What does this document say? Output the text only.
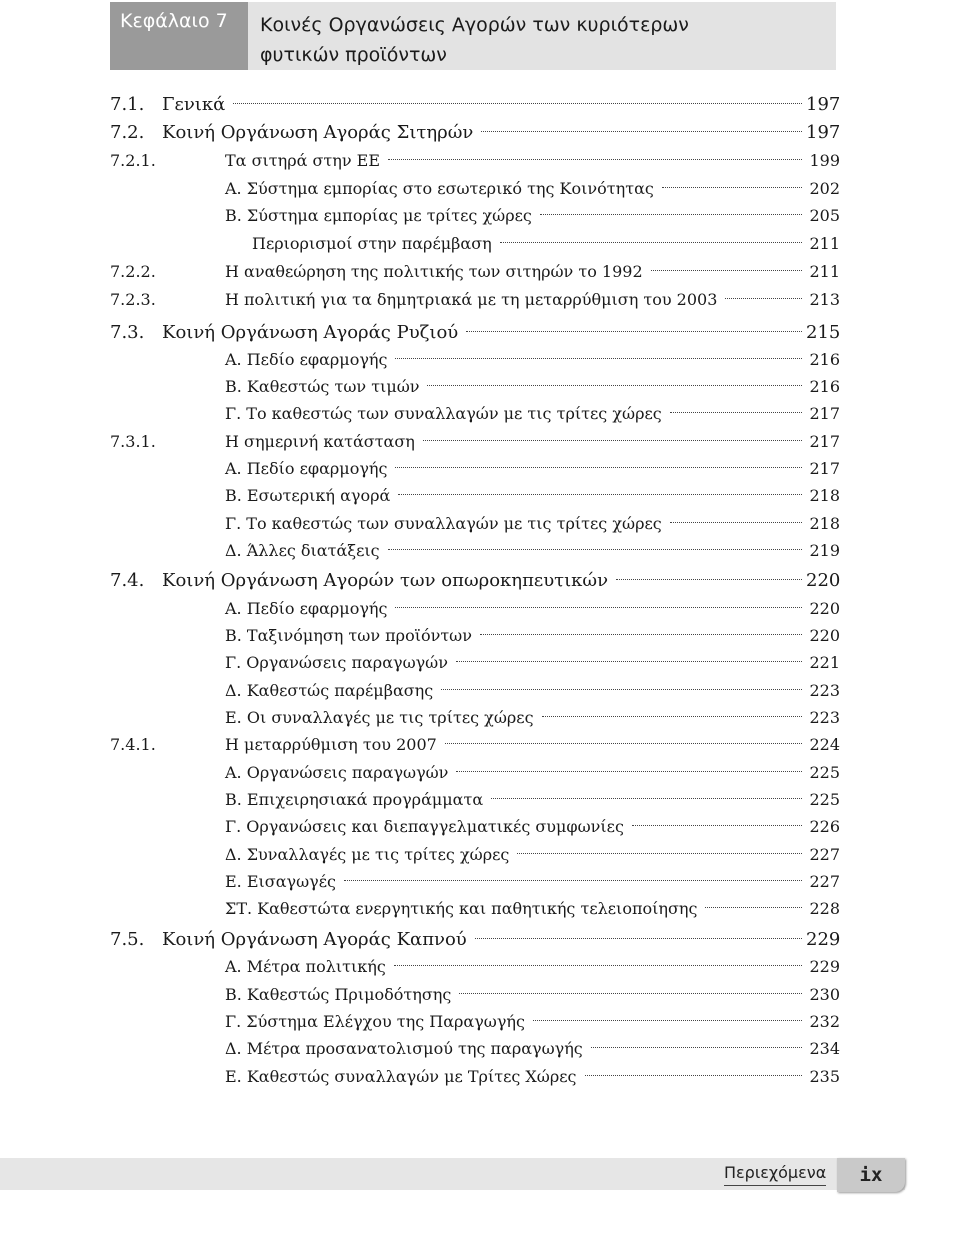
Κεφάλαιο 7	Κοινές Οργανώσεις Αγορών των κυριότερων
φυτικών προϊόντων
7.1. Γενικά	197
7.2. Κοινή Οργάνωση Αγοράς Σιτηρών	197
7.2.1.	Τα σιτηρά στην ΕΕ	199
Α. Σύστημα εμπορίας στο εσωτερικό της Κοινότητας	202
Β. Σύστημα εμπορίας με τρίτες χώρες	205
Περιορισμοί στην παρέμβαση	211
7.2.2.	Η αναθεώρηση της πολιτικής των σιτηρών το 1992	211
7.2.3.	Η πολιτική για τα δημητριακά με τη μεταρρύθμιση του 2003	213
7.3. Κοινή Οργάνωση Αγοράς Ρυζιού	215
Α. Πεδίο εφαρμογής	216
Β. Καθεστώς των τιμών	216
Γ. Το καθεστώς των συναλλαγών με τις τρίτες χώρες	217
7.3.1.	Η σημερινή κατάσταση	217
Α. Πεδίο εφαρμογής	217
Β. Εσωτερική αγορά	218
Γ. Το καθεστώς των συναλλαγών με τις τρίτες χώρες	218
Δ. Άλλες διατάξεις	219
7.4. Κοινή Οργάνωση Αγορών των οπωροκηπευτικών	220
Α. Πεδίο εφαρμογής	220
Β. Ταξινόμηση των προϊόντων	220
Γ. Οργανώσεις παραγωγών	221
Δ. Καθεστώς παρέμβασης	223
Ε. Οι συναλλαγές με τις τρίτες χώρες	223
7.4.1.	Η μεταρρύθμιση του 2007	224
Α. Οργανώσεις παραγωγών	225
Β. Επιχειρησιακά προγράμματα	225
Γ. Οργανώσεις και διεπαγγελματικές συμφωνίες	226
Δ. Συναλλαγές με τις τρίτες χώρες	227
Ε. Εισαγωγές	227
ΣΤ. Καθεστώτα ενεργητικής και παθητικής τελειοποίησης	228
7.5. Κοινή Οργάνωση Αγοράς Καπνού	229
Α. Μέτρα πολιτικής	229
Β. Καθεστώς Πριμοδότησης	230
Γ. Σύστημα Ελέγχου της Παραγωγής	232
Δ. Μέτρα προσανατολισμού της παραγωγής	234
Ε. Καθεστώς συναλλαγών με Τρίτες Χώρες	235
Περιεχόμενα	ix
